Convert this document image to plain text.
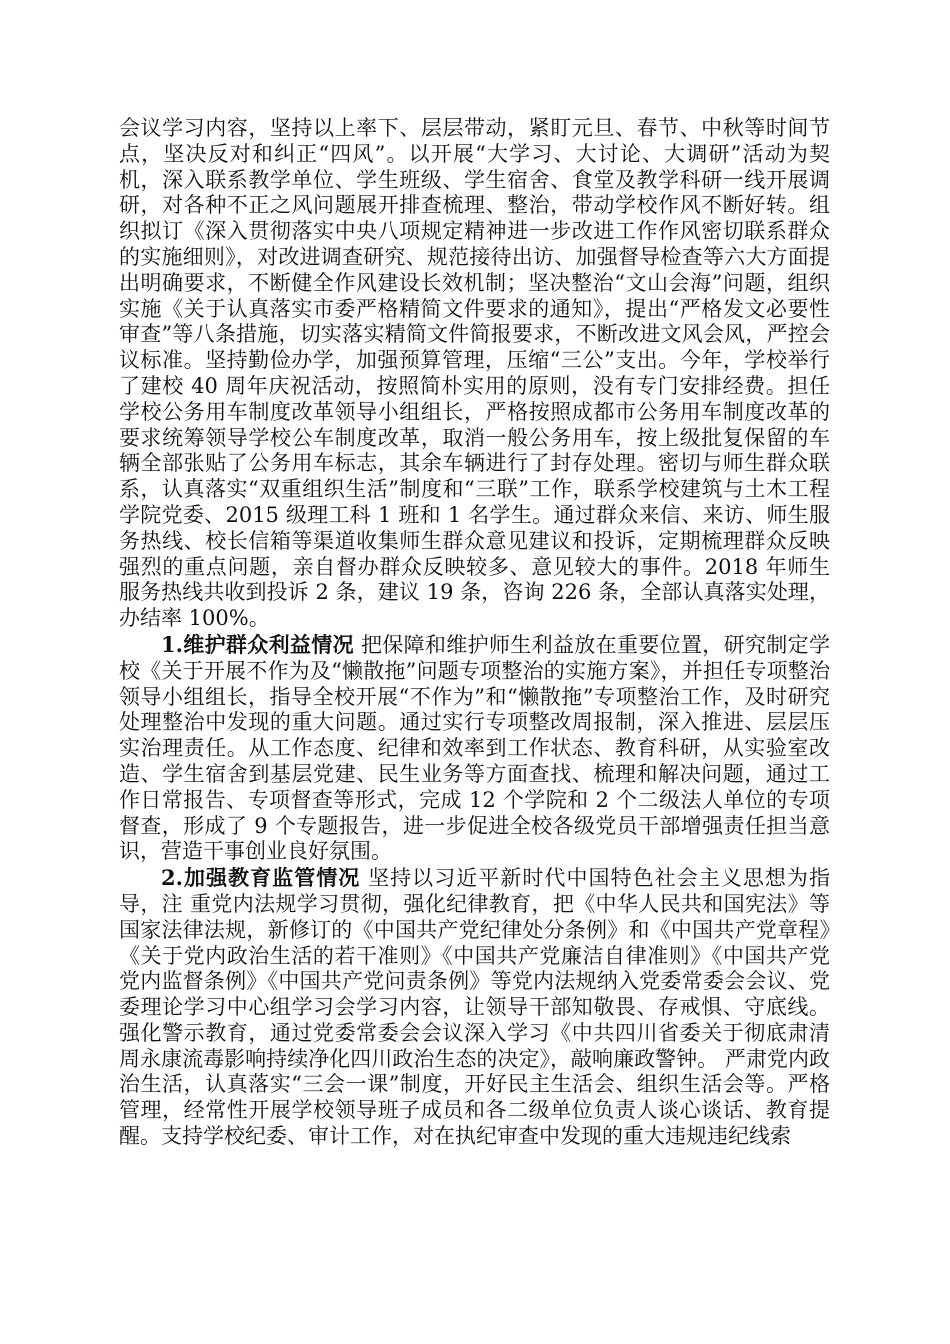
会议学习内容，坚持以上率下、层层带动，紧盯元旦、春节、中秋等时间节点，坚决反对和纠正“四风”。以开展“大学习、大讨论、大调研”活动为契机，深入联系教学单位、学生班级、学生宿舍、食堂及教学科研一线开展调研，对各种不正之风问题展开排查梳理、整治，带动学校作风不断好转。组织拟订《深入贯彻落实中央八项规定精神进一步改进工作作风密切联系群众的实施细则》，对改进调查研究、规范接待出访、加强督导检查等六大方面提出明确要求，不断健全作风建设长效机制；坚决整治“文山会海”问题，组织实施《关于认真落实市委严格精简文件要求的通知》，提出“严格发文必要性审查”等八条措施，切实落实精简文件简报要求，不断改进文风会风，严控会议标准。坚持勤俭办学，加强预算管理，压缩“三公”支出。今年，学校举行了建校 40 周年庆祝活动，按照简朴实用的原则，没有专门安排经费。担任学校公务用车制度改革领导小组组长，严格按照成都市公务用车制度改革的要求统筹领导学校公车制度改革，取消一般公务用车，按上级批复保留的车辆全部张贴了公务用车标志，其余车辆进行了封存处理。密切与师生群众联系，认真落实“双重组织生活”制度和“三联”工作，联系学校建筑与土木工程学院党委、2015 级理工科 1 班和 1 名学生。通过群众来信、来访、师生服务热线、校长信箱等渠道收集师生群众意见建议和投诉，定期梳理群众反映强烈的重点问题，亲自督办群众反映较多、意见较大的事件。2018 年师生服务热线共收到投诉 2 条，建议 19 条，咨询 226 条，全部认真落实处理，办结率 100%。

1.维护群众利益情况 把保障和维护师生利益放在重要位置，研究制定学校《关于开展不作为及“懒散拖”问题专项整治的实施方案》，并担任专项整治领导小组组长，指导全校开展“不作为”和“懒散拖”专项整治工作，及时研究处理整治中发现的重大问题。通过实行专项整改周报制，深入推进、层层压实治理责任。从工作态度、纪律和效率到工作状态、教育科研，从实验室改造、学生宿舍到基层党建、民生业务等方面查找、梳理和解决问题，通过工作日常报告、专项督查等形式，完成 12 个学院和 2 个二级法人单位的专项督查，形成了 9 个专题报告，进一步促进全校各级党员干部增强责任担当意识，营造干事创业良好氛围。

2.加强教育监管情况 坚持以习近平新时代中国特色社会主义思想为指导，注 重党内法规学习贯彻，强化纪律教育，把《中华人民共和国宪法》等国家法律法规，新修订的《中国共产党纪律处分条例》和《中国共产党章程》《关于党内政治生活的若干准则》《中国共产党廉洁自律准则》《中国共产党党内监督条例》《中国共产党问责条例》等党内法规纳入党委常委会会议、党委理论学习中心组学习会学习内容，让领导干部知敬畏、存戒惧、守底线。强化警示教育，通过党委常委会会议深入学习《中共四川省委关于彻底肃清周永康流毒影响持续净化四川政治生态的决定》，敲响廉政警钟。 严肃党内政治生活，认真落实“三会一课”制度，开好民主生活会、组织生活会等。严格管理，经常性开展学校领导班子成员和各二级单位负责人谈心谈话、教育提醒。支持学校纪委、审计工作，对在执纪审查中发现的重大违规违纪线索
